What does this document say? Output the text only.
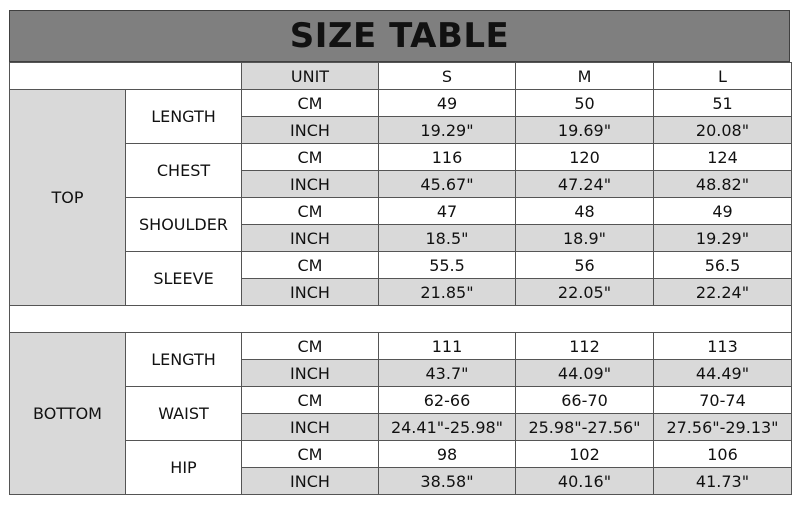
SIZE TABLE
		UNIT	S	M	L
TOP	LENGTH	CM	49	50	51
		INCH	19.29"	19.69"	20.08"
	CHEST	CM	116	120	124
		INCH	45.67"	47.24"	48.82"
	SHOULDER	CM	47	48	49
		INCH	18.5"	18.9"	19.29"
	SLEEVE	CM	55.5	56	56.5
		INCH	21.85"	22.05"	22.24"

BOTTOM	LENGTH	CM	111	112	113
		INCH	43.7"	44.09"	44.49"
	WAIST	CM	62-66	66-70	70-74
		INCH	24.41"-25.98"	25.98"-27.56"	27.56"-29.13"
	HIP	CM	98	102	106
		INCH	38.58"	40.16"	41.73"
